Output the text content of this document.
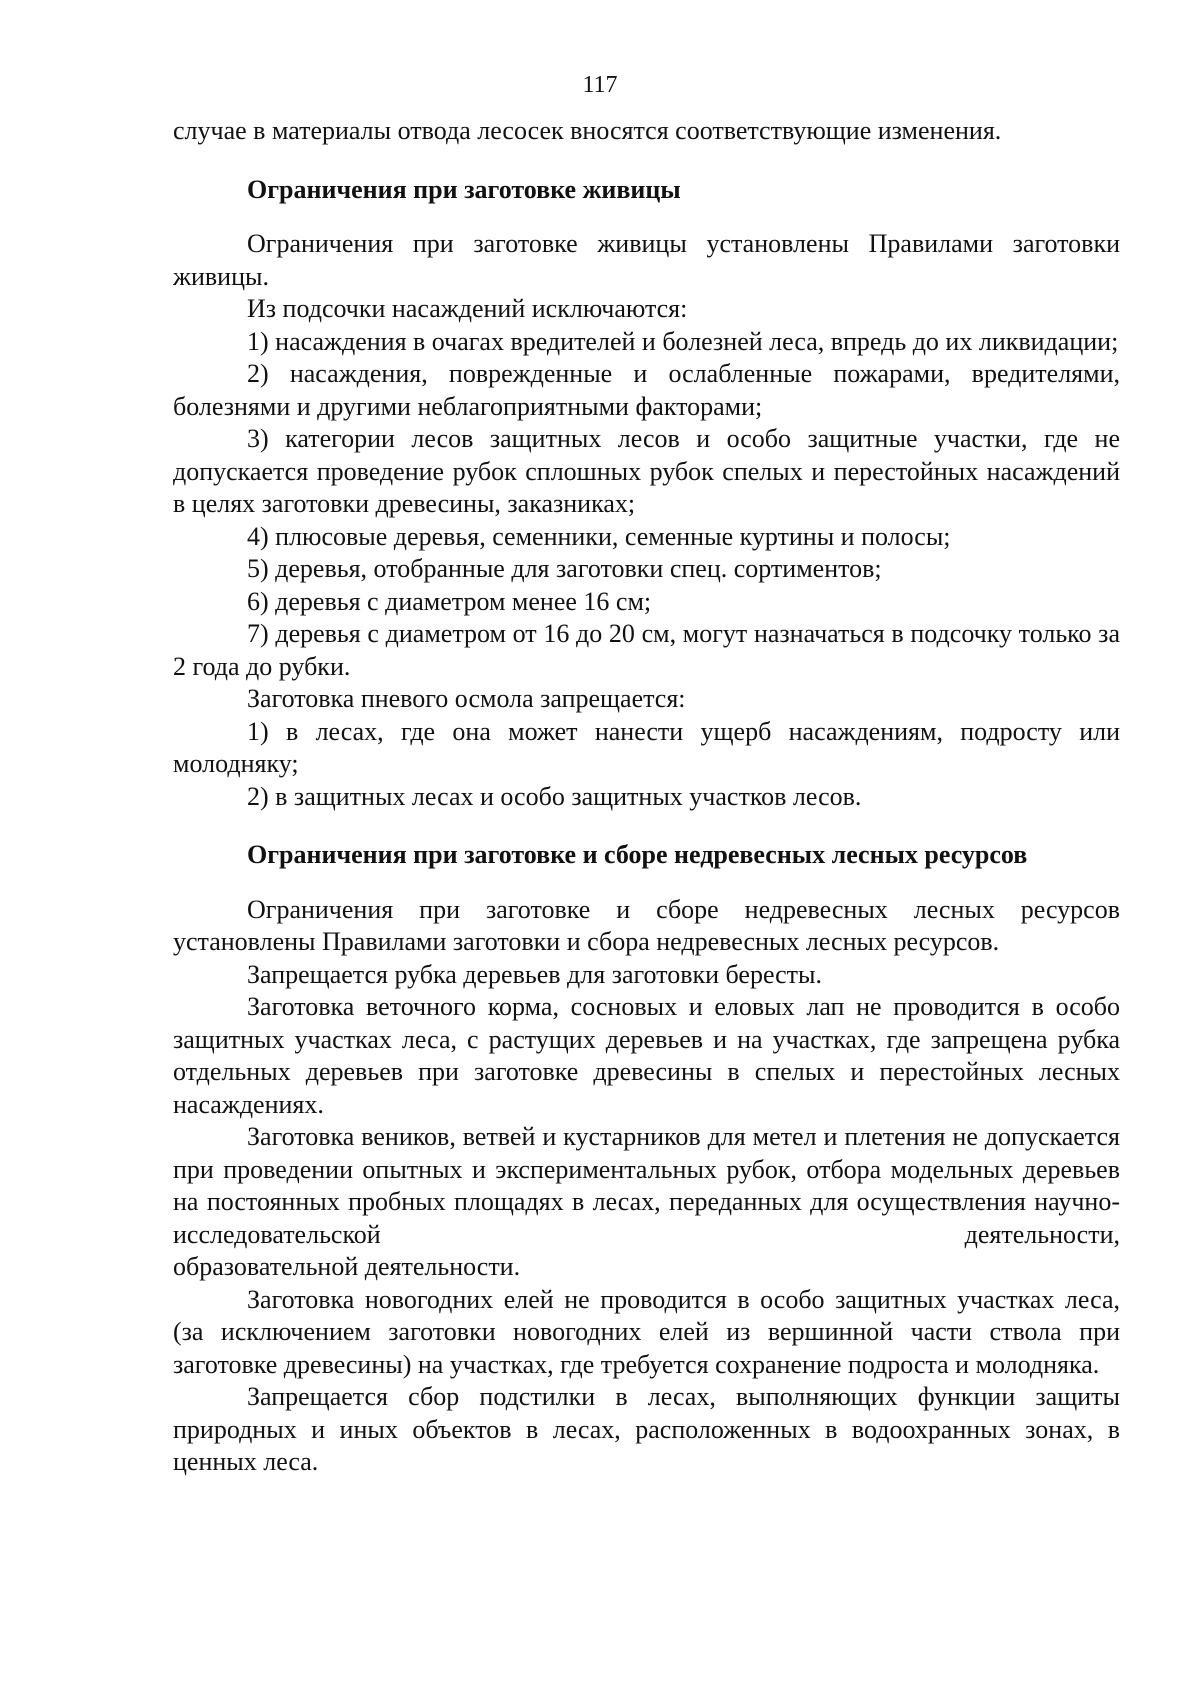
117

случае в материалы отвода лесосек вносятся соответствующие изменения.

Ограничения при заготовке живицы

Ограничения при заготовке живицы установлены Правилами заготовки живицы.

Из подсочки насаждений исключаются:

1) насаждения в очагах вредителей и болезней леса, впредь до их ликвидации;

2) насаждения, поврежденные и ослабленные пожарами, вредителями, болезнями и другими неблагоприятными факторами;

3) категории лесов защитных лесов и особо защитные участки, где не допускается проведение рубок сплошных рубок спелых и перестойных насаждений в целях заготовки древесины, заказниках;

4) плюсовые деревья, семенники, семенные куртины и полосы;

5) деревья, отобранные для заготовки спец. сортиментов;

6) деревья с диаметром менее 16 см;

7) деревья с диаметром от 16 до 20 см, могут назначаться в подсочку только за 2 года до рубки.

Заготовка пневого осмола запрещается:

1) в лесах, где она может нанести ущерб насаждениям, подросту или молодняку;

2) в защитных лесах и особо защитных участков лесов.

Ограничения при заготовке и сборе недревесных лесных ресурсов

Ограничения при заготовке и сборе недревесных лесных ресурсов установлены Правилами заготовки и сбора недревесных лесных ресурсов.

Запрещается рубка деревьев для заготовки бересты.

Заготовка веточного корма, сосновых и еловых лап не проводится в особо защитных участках леса, с растущих деревьев и на участках, где запрещена рубка отдельных деревьев при заготовке древесины в спелых и перестойных лесных насаждениях.

Заготовка веников, ветвей и кустарников для метел и плетения не допускается при проведении опытных и экспериментальных рубок, отбора модельных деревьев на постоянных пробных площадях в лесах, переданных для осуществления научно-исследовательской деятельности,

образовательной деятельности.

Заготовка новогодних елей не проводится в особо защитных участках леса, (за исключением заготовки новогодних елей из вершинной части ствола при заготовке древесины) на участках, где требуется сохранение подроста и молодняка.

Запрещается сбор подстилки в лесах, выполняющих функции защиты природных и иных объектов в лесах, расположенных в водоохранных зонах, в ценных леса.
